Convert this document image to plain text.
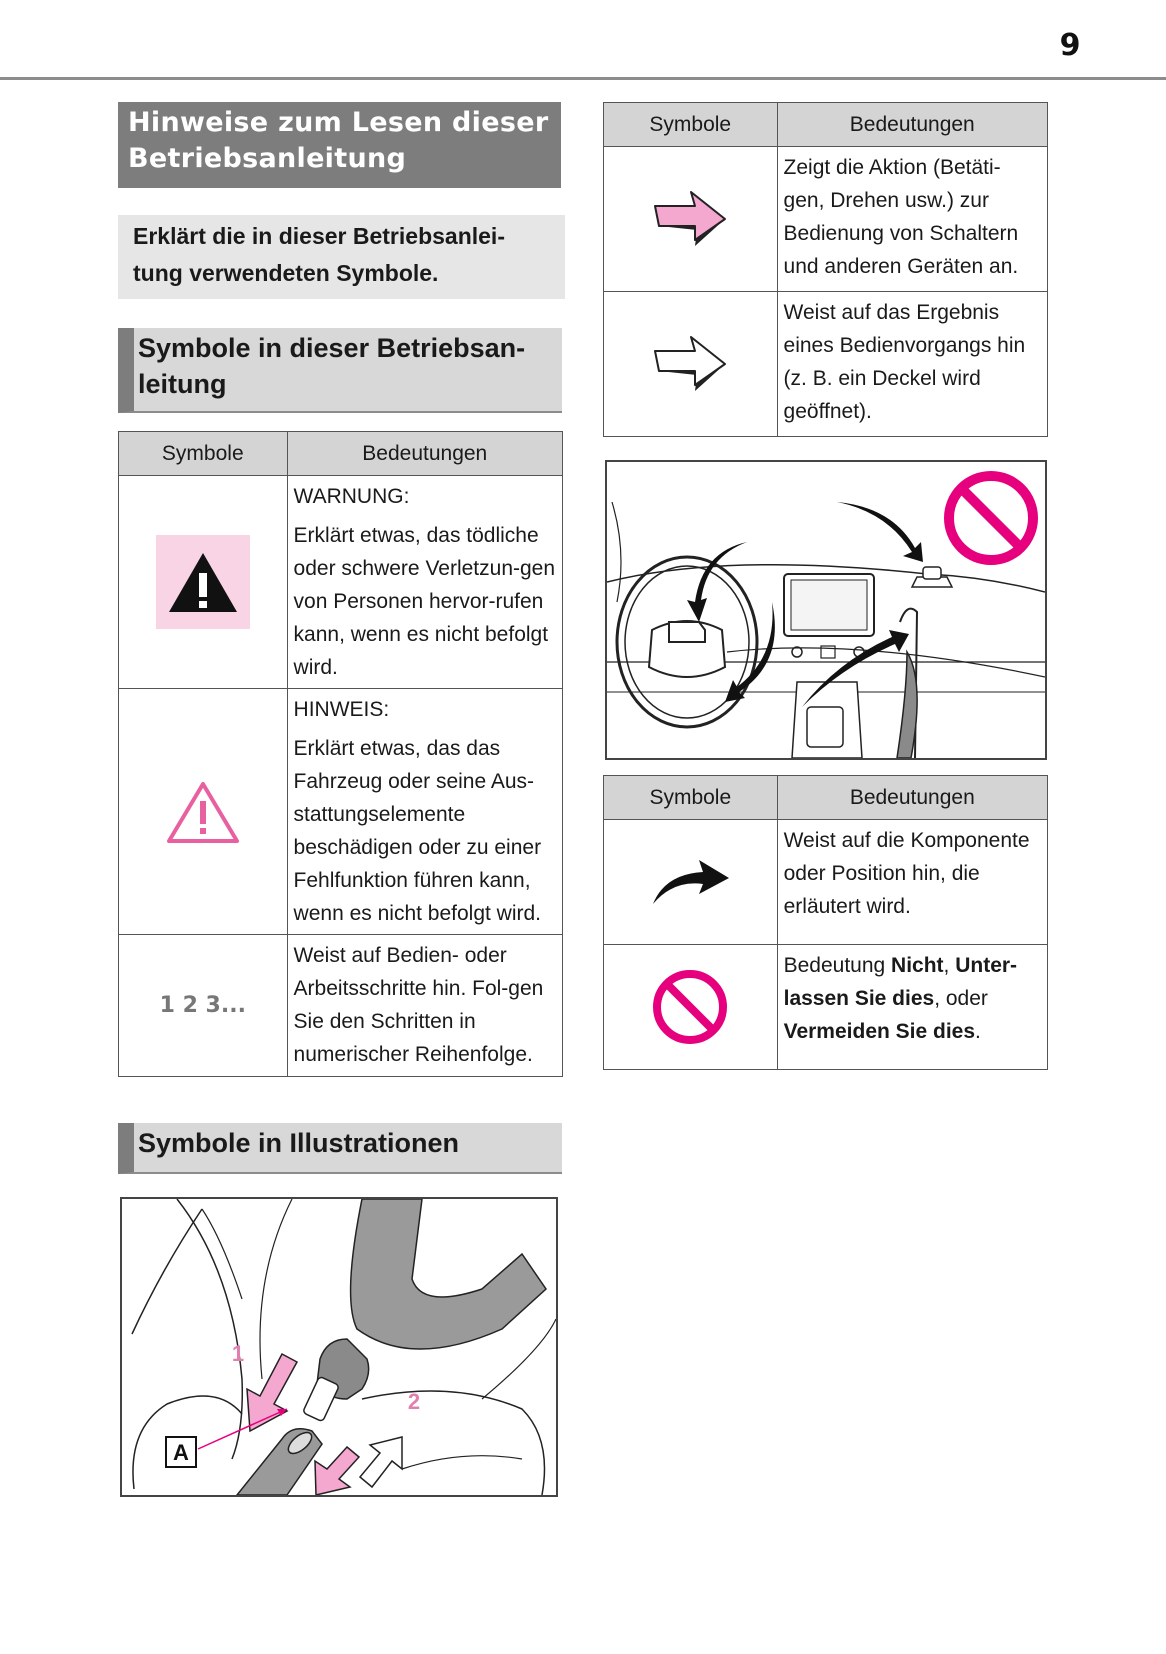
9
Hinweise zum Lesen dieser Betriebsanleitung
Erklärt die in dieser Betriebsanlei-tung verwendeten Symbole.
Symbole in dieser Betriebsan-leitung
Symbole	Bedeutungen

WARNUNG:
Erklärt etwas, das tödliche oder schwere Verletzun-gen von Personen hervor-rufen kann, wenn es nicht befolgt wird.

HINWEIS:
Erklärt etwas, das das Fahrzeug oder seine Aus-stattungselemente beschädigen oder zu einer Fehlfunktion führen kann, wenn es nicht befolgt wird.

1 2 3...	Weist auf Bedien- oder Arbeitsschritte hin. Fol-gen Sie den Schritten in numerischer Reihenfolge.
Symbole in Illustrationen
A
1
2
Symbole	Bedeutungen

Zeigt die Aktion (Betäti-gen, Drehen usw.) zur Bedienung von Schaltern und anderen Geräten an.

Weist auf das Ergebnis eines Bedienvorgangs hin (z. B. ein Deckel wird geöffnet).
Symbole	Bedeutungen

Weist auf die Komponente oder Position hin, die erläutert wird.

Bedeutung Nicht, Unter-lassen Sie dies, oder Vermeiden Sie dies.
